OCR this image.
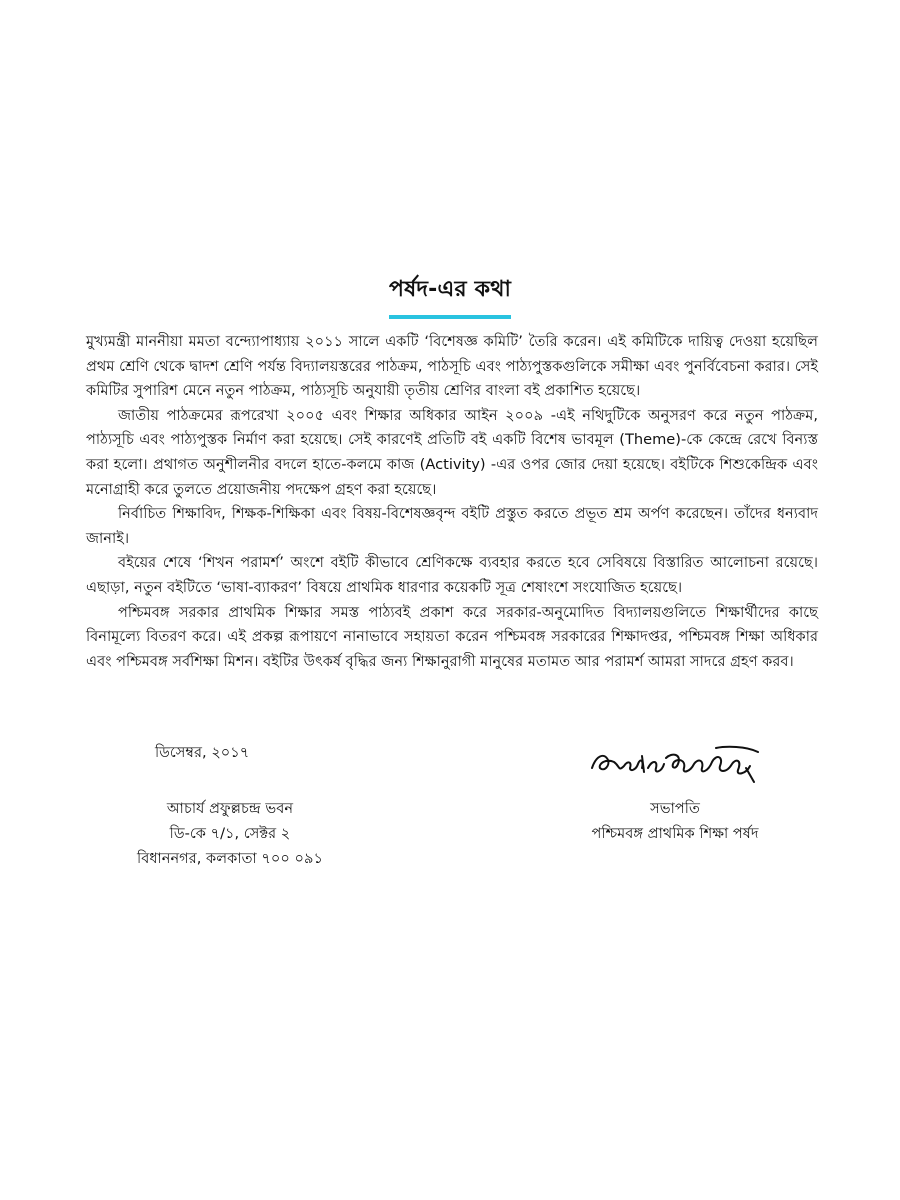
পর্ষদ-এর কথা

মুখ্যমন্ত্রী মাননীয়া মমতা বন্দ্যোপাধ্যায় ২০১১ সালে একটি ‘বিশেষজ্ঞ কমিটি’ তৈরি করেন। এই কমিটিকে দায়িত্ব দেওয়া হয়েছিল প্রথম শ্রেণি থেকে দ্বাদশ শ্রেণি পর্যন্ত বিদ্যালয়স্তরের পাঠক্রম, পাঠসূচি এবং পাঠ্যপুস্তকগুলিকে সমীক্ষা এবং পুনর্বিবেচনা করার। সেই কমিটির সুপারিশ মেনে নতুন পাঠক্রম, পাঠ্যসূচি অনুযায়ী তৃতীয় শ্রেণির বাংলা বই প্রকাশিত হয়েছে।

জাতীয় পাঠক্রমের রূপরেখা ২০০৫ এবং শিক্ষার অধিকার আইন ২০০৯ -এই নথিদুটিকে অনুসরণ করে নতুন পাঠক্রম, পাঠ্যসূচি এবং পাঠ্যপুস্তক নির্মাণ করা হয়েছে। সেই কারণেই প্রতিটি বই একটি বিশেষ ভাবমূল (Theme)-কে কেন্দ্রে রেখে বিন্যস্ত করা হলো। প্রথাগত অনুশীলনীর বদলে হাতে-কলমে কাজ (Activity) -এর ওপর জোর দেয়া হয়েছে। বইটিকে শিশুকেন্দ্রিক এবং মনোগ্রাহী করে তুলতে প্রয়োজনীয় পদক্ষেপ গ্রহণ করা হয়েছে।

নির্বাচিত শিক্ষাবিদ, শিক্ষক-শিক্ষিকা এবং বিষয়-বিশেষজ্ঞবৃন্দ বইটি প্রস্তুত করতে প্রভূত শ্রম অর্পণ করেছেন। তাঁদের ধন্যবাদ জানাই।

বইয়ের শেষে ‘শিখন পরামর্শ’ অংশে বইটি কীভাবে শ্রেণিকক্ষে ব্যবহার করতে হবে সেবিষয়ে বিস্তারিত আলোচনা রয়েছে। এছাড়া, নতুন বইটিতে ‘ভাষা-ব্যাকরণ’ বিষয়ে প্রাথমিক ধারণার কয়েকটি সূত্র শেষাংশে সংযোজিত হয়েছে।

পশ্চিমবঙ্গ সরকার প্রাথমিক শিক্ষার সমস্ত পাঠ্যবই প্রকাশ করে সরকার-অনুমোদিত বিদ্যালয়গুলিতে শিক্ষার্থীদের কাছে বিনামূল্যে বিতরণ করে। এই প্রকল্প রূপায়ণে নানাভাবে সহায়তা করেন পশ্চিমবঙ্গ সরকারের শিক্ষাদপ্তর, পশ্চিমবঙ্গ শিক্ষা অধিকার এবং পশ্চিমবঙ্গ সর্বশিক্ষা মিশন। বইটির উৎকর্ষ বৃদ্ধির জন্য শিক্ষানুরাগী মানুষের মতামত আর পরামর্শ আমরা সাদরে গ্রহণ করব।

ডিসেম্বর, ২০১৭
আচার্য প্রফুল্লচন্দ্র ভবন
ডি-কে ৭/১, সেক্টর ২
বিধাননগর, কলকাতা ৭০০ ০৯১
সভাপতি
পশ্চিমবঙ্গ প্রাথমিক শিক্ষা পর্ষদ
